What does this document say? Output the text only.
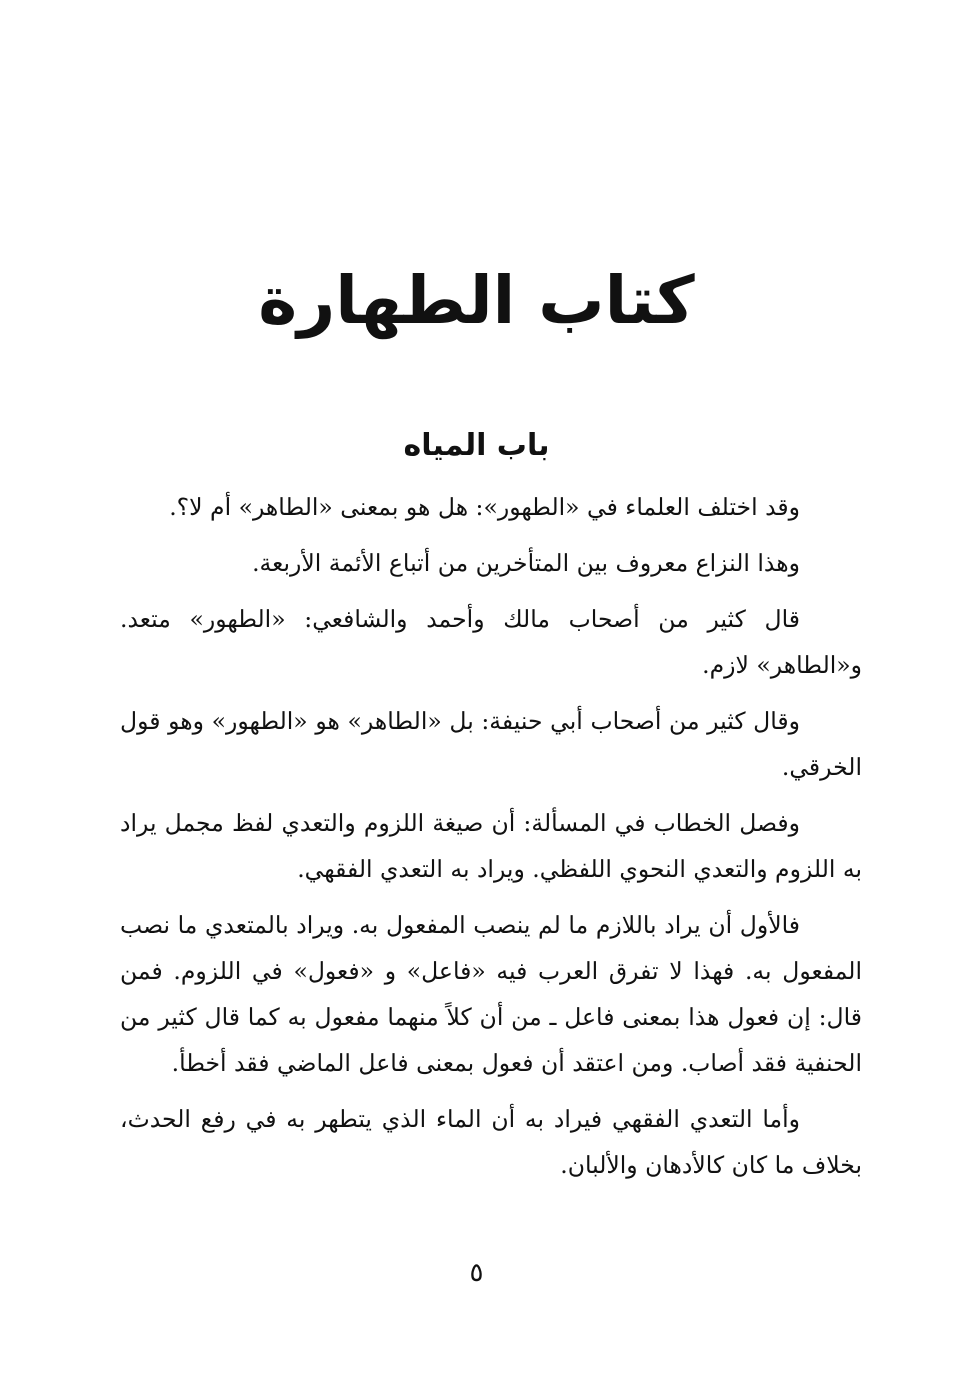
كتاب الطهارة
باب المياه

وقد اختلف العلماء في «الطهور»: هل هو بمعنى «الطاهر» أم لا؟.

وهذا النزاع معروف بين المتأخرين من أتباع الأئمة الأربعة.

قال كثير من أصحاب مالك وأحمد والشافعي: «الطهور» متعد. و«الطاهر» لازم.

وقال كثير من أصحاب أبي حنيفة: بل «الطاهر» هو «الطهور» وهو قول الخرقي.

وفصل الخطاب في المسألة: أن صيغة اللزوم والتعدي لفظ مجمل يراد به اللزوم والتعدي النحوي اللفظي. ويراد به التعدي الفقهي.

فالأول أن يراد باللازم ما لم ينصب المفعول به. ويراد بالمتعدي ما نصب المفعول به. فهذا لا تفرق العرب فيه «فاعل» و «فعول» في اللزوم. فمن قال: إن فعول هذا بمعنى فاعل ـ من أن كلاً منهما مفعول به كما قال كثير من الحنفية فقد أصاب. ومن اعتقد أن فعول بمعنى فاعل الماضي فقد أخطأ.

وأما التعدي الفقهي فيراد به أن الماء الذي يتطهر به في رفع الحدث، بخلاف ما كان كالأدهان والألبان.

٥
